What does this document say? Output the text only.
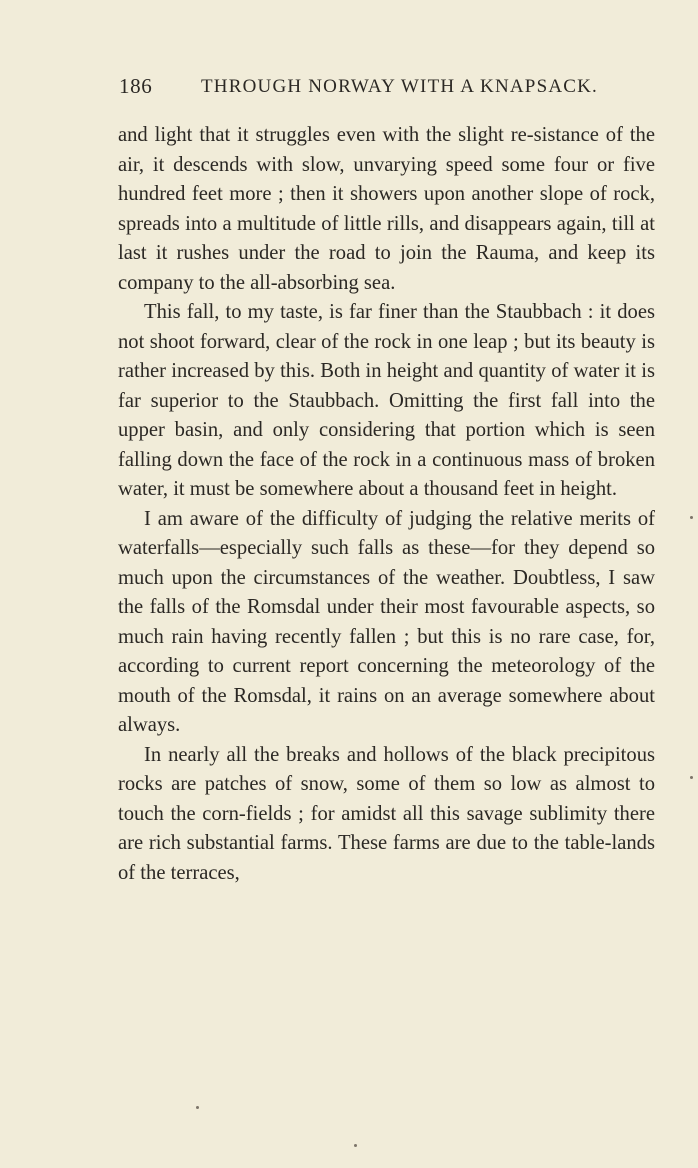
186	THROUGH NORWAY WITH A KNAPSACK.

and light that it struggles even with the slight re-sistance of the air, it descends with slow, unvarying speed some four or five hundred feet more ; then it showers upon another slope of rock, spreads into a multitude of little rills, and disappears again, till at last it rushes under the road to join the Rauma, and keep its company to the all-absorbing sea.

This fall, to my taste, is far finer than the Staubbach : it does not shoot forward, clear of the rock in one leap ; but its beauty is rather increased by this. Both in height and quantity of water it is far superior to the Staubbach. Omitting the first fall into the upper basin, and only considering that portion which is seen falling down the face of the rock in a continuous mass of broken water, it must be somewhere about a thousand feet in height.

I am aware of the difficulty of judging the relative merits of waterfalls—especially such falls as these—for they depend so much upon the circumstances of the weather. Doubtless, I saw the falls of the Romsdal under their most favourable aspects, so much rain having recently fallen ; but this is no rare case, for, according to current report concerning the meteorology of the mouth of the Romsdal, it rains on an average somewhere about always.

In nearly all the breaks and hollows of the black precipitous rocks are patches of snow, some of them so low as almost to touch the corn-fields ; for amidst all this savage sublimity there are rich substantial farms. These farms are due to the table-lands of the terraces,
